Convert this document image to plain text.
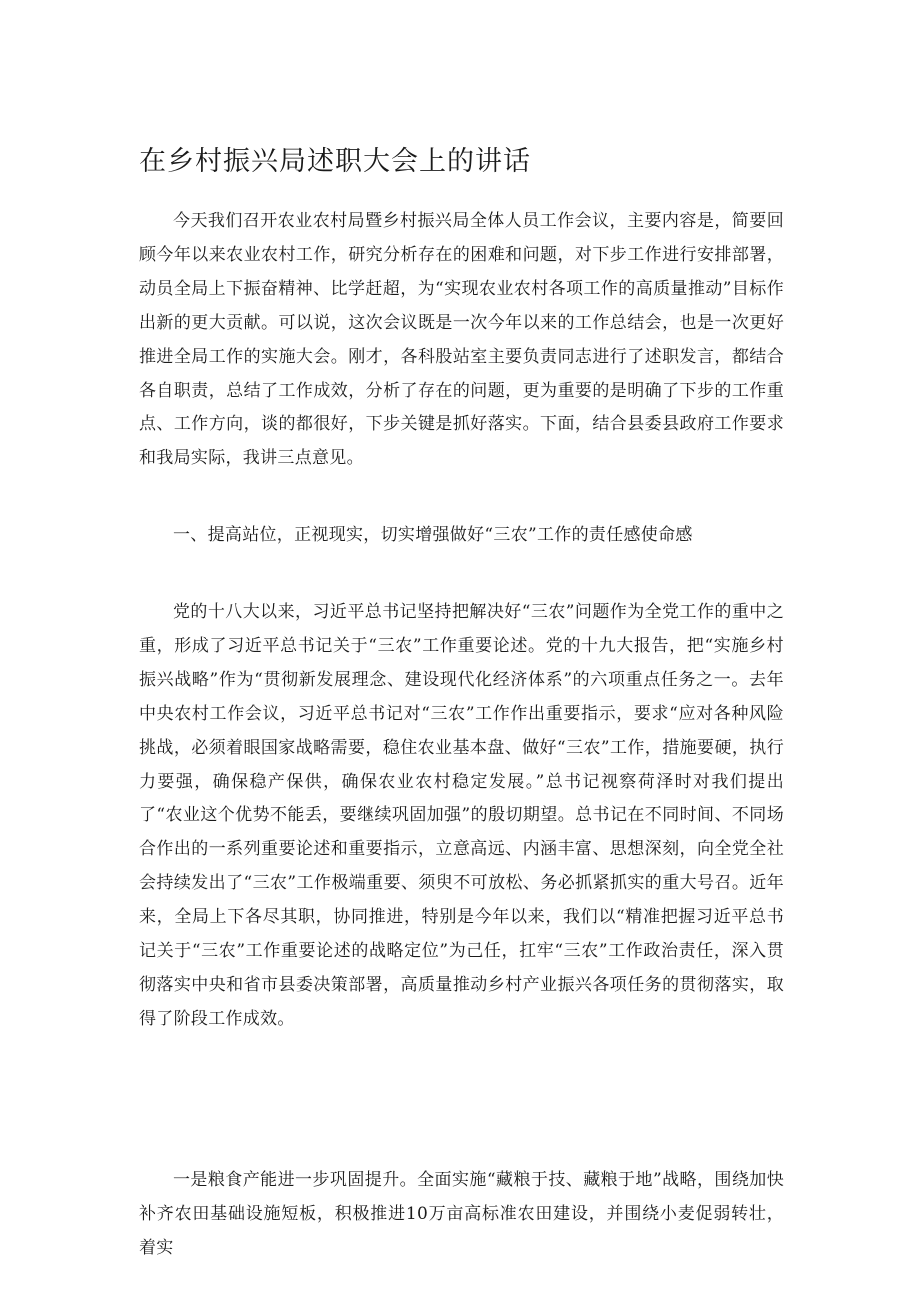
在乡村振兴局述职大会上的讲话

今天我们召开农业农村局暨乡村振兴局全体人员工作会议，主要内容是，简要回顾今年以来农业农村工作，研究分析存在的困难和问题，对下步工作进行安排部署，动员全局上下振奋精神、比学赶超，为“实现农业农村各项工作的高质量推动”目标作出新的更大贡献。可以说，这次会议既是一次今年以来的工作总结会，也是一次更好推进全局工作的实施大会。刚才，各科股站室主要负责同志进行了述职发言，都结合各自职责，总结了工作成效，分析了存在的问题，更为重要的是明确了下步的工作重点、工作方向，谈的都很好，下步关键是抓好落实。下面，结合县委县政府工作要求和我局实际，我讲三点意见。

一、提高站位，正视现实，切实增强做好“三农”工作的责任感使命感

党的十八大以来，习近平总书记坚持把解决好“三农”问题作为全党工作的重中之重，形成了习近平总书记关于“三农”工作重要论述。党的十九大报告，把“实施乡村振兴战略”作为“贯彻新发展理念、建设现代化经济体系”的六项重点任务之一。去年中央农村工作会议，习近平总书记对“三农”工作作出重要指示，要求“应对各种风险挑战，必须着眼国家战略需要，稳住农业基本盘、做好“三农”工作，措施要硬，执行力要强，确保稳产保供，确保农业农村稳定发展。”总书记视察荷泽时对我们提出了“农业这个优势不能丢，要继续巩固加强”的殷切期望。总书记在不同时间、不同场合作出的一系列重要论述和重要指示，立意高远、内涵丰富、思想深刻，向全党全社会持续发出了“三农”工作极端重要、须臾不可放松、务必抓紧抓实的重大号召。近年来，全局上下各尽其职，协同推进，特别是今年以来，我们以“精准把握习近平总书记关于“三农”工作重要论述的战略定位”为己任，扛牢“三农”工作政治责任，深入贯彻落实中央和省市县委决策部署，高质量推动乡村产业振兴各项任务的贯彻落实，取得了阶段工作成效。

一是粮食产能进一步巩固提升。全面实施“藏粮于技、藏粮于地”战略，围绕加快补齐农田基础设施短板，积极推进10万亩高标准农田建设，并围绕小麦促弱转壮，着实
